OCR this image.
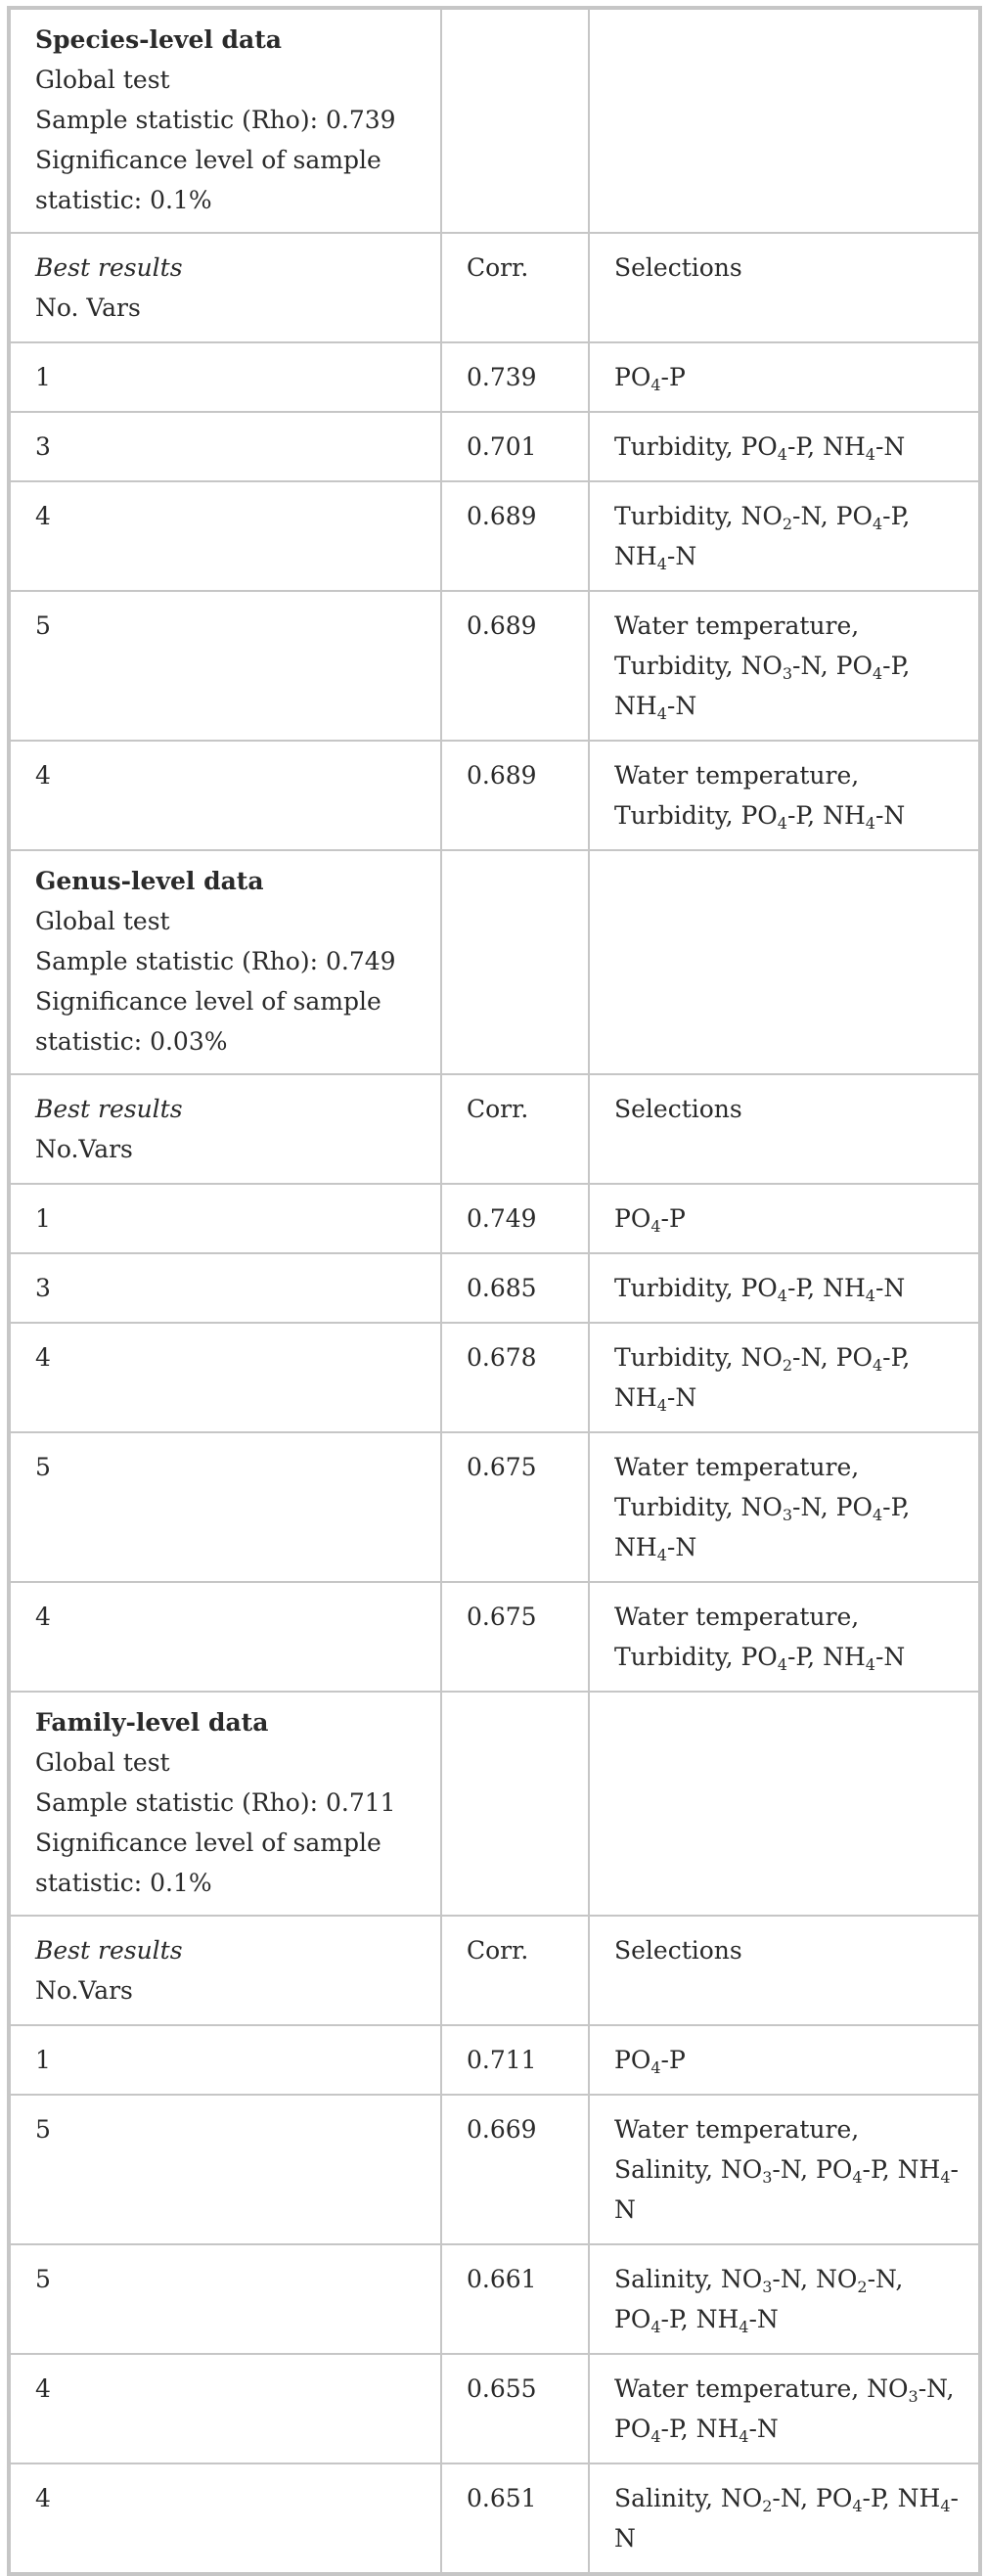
Species-level data
Global test
Sample statistic (Rho): 0.739
Significance level of sample statistic: 0.1%		

Best results
No. Vars	Corr.	Selections
1	0.739	$PO_4-P$
3	0.701	Turbidity, $PO_4-P$, $NH_4-N$
4	0.689	Turbidity, $NO_2-N$, $PO_4-P$, $NH_4-N$
5	0.689	Water temperature, Turbidity, $NO_3-N$, $PO_4-P$, $NH_4-N$
4	0.689	Water temperature, Turbidity, $PO_4-P$, $NH_4-N$

Genus-level data
Global test
Sample statistic (Rho): 0.749
Significance level of sample statistic: 0.03%		

Best results
No.Vars	Corr.	Selections
1	0.749	$PO_4-P$
3	0.685	Turbidity, $PO_4-P$, $NH_4-N$
4	0.678	Turbidity, $NO_2-N$, $PO_4-P$, $NH_4-N$
5	0.675	Water temperature, Turbidity, $NO_3-N$, $PO_4-P$, $NH_4-N$
4	0.675	Water temperature, Turbidity, $PO_4-P$, $NH_4-N$

Family-level data
Global test
Sample statistic (Rho): 0.711
Significance level of sample statistic: 0.1%		

Best results
No.Vars	Corr.	Selections
1	0.711	$PO_4-P$
5	0.669	Water temperature, Salinity, $NO_3-N$, $PO_4-P$, $NH_4-N$
5	0.661	Salinity, $NO_3-N$, $NO_2-N$, $PO_4-P$, $NH_4-N$
4	0.655	Water temperature, $NO_3-N$, $PO_4-P$, $NH_4-N$
4	0.651	Salinity, $NO_2-N$, $PO_4-P$, $NH_4-N$
